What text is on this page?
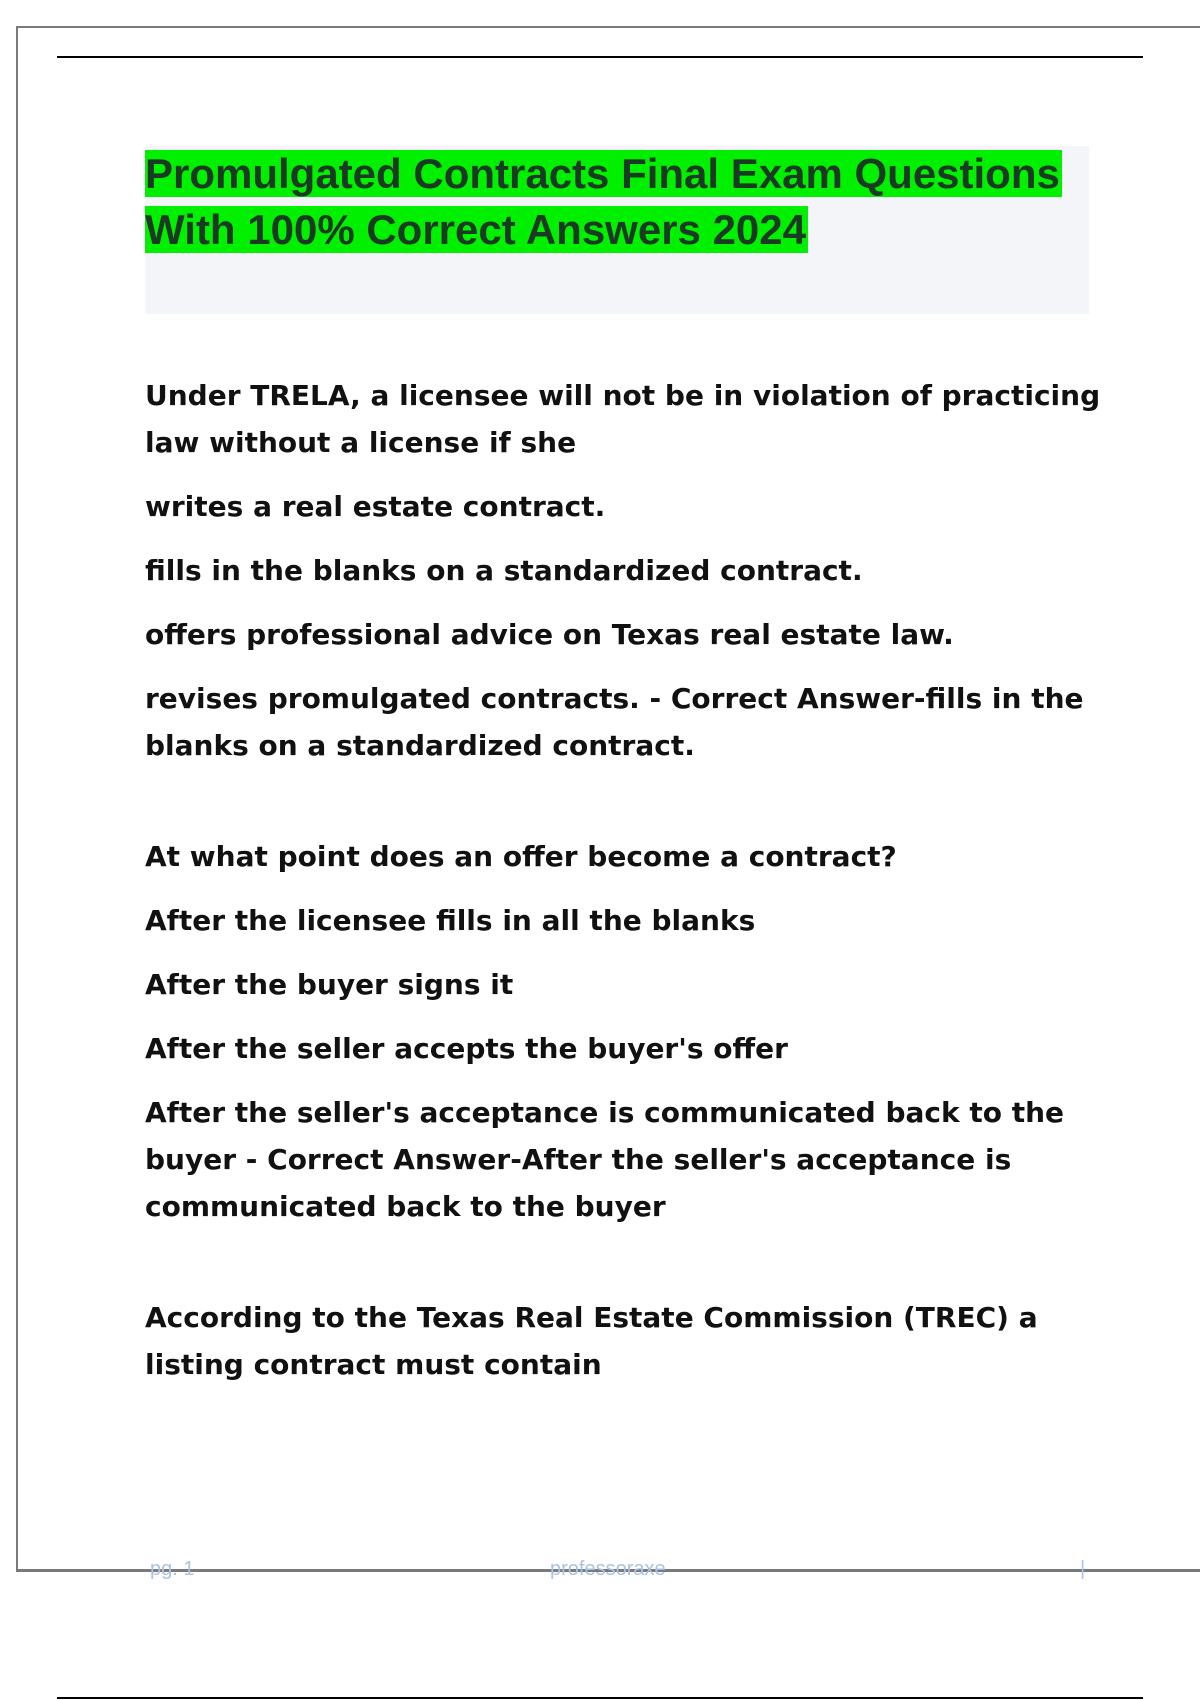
Promulgated Contracts Final Exam Questions With 100% Correct Answers 2024

Under TRELA, a licensee will not be in violation of practicing law without a license if she

writes a real estate contract.

fills in the blanks on a standardized contract.

offers professional advice on Texas real estate law.

revises promulgated contracts. - Correct Answer-fills in the blanks on a standardized contract.

At what point does an offer become a contract?

After the licensee fills in all the blanks

After the buyer signs it

After the seller accepts the buyer's offer

After the seller's acceptance is communicated back to the buyer - Correct Answer-After the seller's acceptance is communicated back to the buyer

According to the Texas Real Estate Commission (TREC) a listing contract must contain

pg. 1	professoraxe	|
